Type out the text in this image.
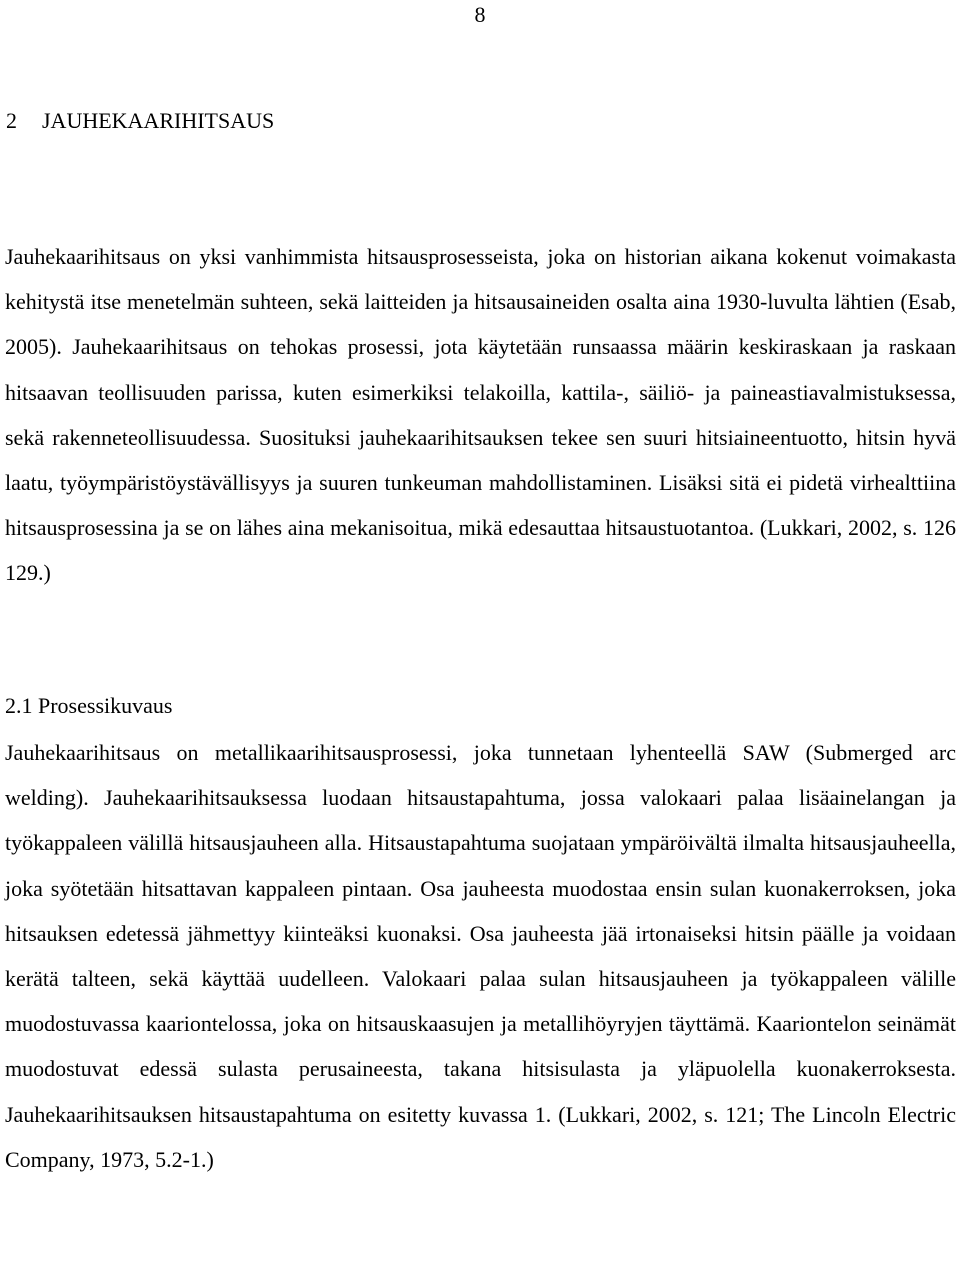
8
2 JAUHEKAARIHITSAUS

Jauhekaarihitsaus on yksi vanhimmista hitsausprosesseista, joka on historian aikana kokenut voimakasta kehitystä itse menetelmän suhteen, sekä laitteiden ja hitsausaineiden osalta aina 1930-luvulta lähtien (Esab, 2005). Jauhekaarihitsaus on tehokas prosessi, jota käytetään runsaassa määrin keskiraskaan ja raskaan hitsaavan teollisuuden parissa, kuten esimerkiksi telakoilla, kattila-, säiliö- ja paineastiavalmistuksessa, sekä rakenneteollisuudessa. Suosituksi jauhekaarihitsauksen tekee sen suuri hitsiaineentuotto, hitsin hyvä laatu, työympäristöystävällisyys ja suuren tunkeuman mahdollistaminen. Lisäksi sitä ei pidetä virhealttiina hitsausprosessina ja se on lähes aina mekanisoitua, mikä edesauttaa hitsaustuotantoa. (Lukkari, 2002, s. 126 129.)

2.1 Prosessikuvaus

Jauhekaarihitsaus on metallikaarihitsausprosessi, joka tunnetaan lyhenteellä SAW (Submerged arc welding). Jauhekaarihitsauksessa luodaan hitsaustapahtuma, jossa valokaari palaa lisäainelangan ja työkappaleen välillä hitsausjauheen alla. Hitsaustapahtuma suojataan ympäröivältä ilmalta hitsausjauheella, joka syötetään hitsattavan kappaleen pintaan. Osa jauheesta muodostaa ensin sulan kuonakerroksen, joka hitsauksen edetessä jähmettyy kiinteäksi kuonaksi. Osa jauheesta jää irtonaiseksi hitsin päälle ja voidaan kerätä talteen, sekä käyttää uudelleen. Valokaari palaa sulan hitsausjauheen ja työkappaleen välille muodostuvassa kaariontelossa, joka on hitsauskaasujen ja metallihöyryjen täyttämä. Kaariontelon seinämät muodostuvat edessä sulasta perusaineesta, takana hitsisulasta ja yläpuolella kuonakerroksesta. Jauhekaarihitsauksen hitsaustapahtuma on esitetty kuvassa 1. (Lukkari, 2002, s. 121; The Lincoln Electric Company, 1973, 5.2-1.)
